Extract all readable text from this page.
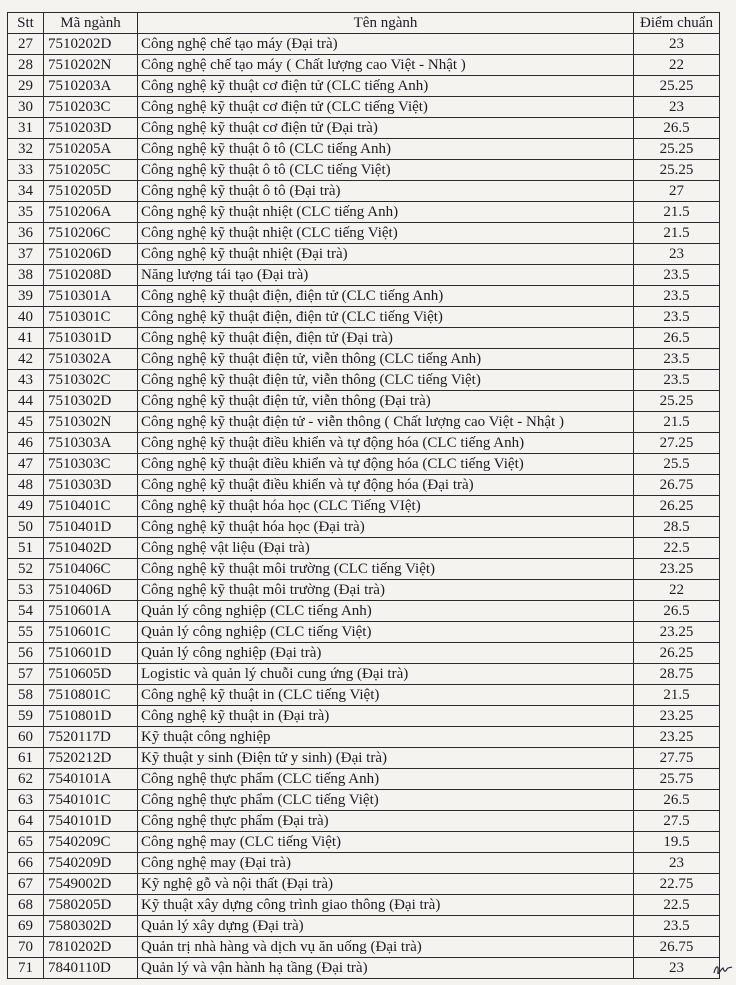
Stt	Mã ngành	Tên ngành	Điểm chuẩn
27	7510202D	Công nghệ chế tạo máy (Đại trà)	23
28	7510202N	Công nghệ chế tạo máy ( Chất lượng cao Việt - Nhật )	22
29	7510203A	Công nghệ kỹ thuật cơ điện tử (CLC tiếng Anh)	25.25
30	7510203C	Công nghệ kỹ thuật cơ điện tử (CLC tiếng Việt)	23
31	7510203D	Công nghệ kỹ thuật cơ điện tử (Đại trà)	26.5
32	7510205A	Công nghệ kỹ thuật ô tô (CLC tiếng Anh)	25.25
33	7510205C	Công nghệ kỹ thuật ô tô (CLC tiếng Việt)	25.25
34	7510205D	Công nghệ kỹ thuật ô tô (Đại trà)	27
35	7510206A	Công nghệ kỹ thuật nhiệt (CLC tiếng Anh)	21.5
36	7510206C	Công nghệ kỹ thuật nhiệt (CLC tiếng Việt)	21.5
37	7510206D	Công nghệ kỹ thuật nhiệt (Đại trà)	23
38	7510208D	Năng lượng tái tạo (Đại trà)	23.5
39	7510301A	Công nghệ kỹ thuật điện, điện tử (CLC tiếng Anh)	23.5
40	7510301C	Công nghệ kỹ thuật điện, điện tử (CLC tiếng Việt)	23.5
41	7510301D	Công nghệ kỹ thuật điện, điện tử (Đại trà)	26.5
42	7510302A	Công nghệ kỹ thuật điện tử, viễn thông (CLC tiếng Anh)	23.5
43	7510302C	Công nghệ kỹ thuật điện tử, viễn thông (CLC tiếng Việt)	23.5
44	7510302D	Công nghệ kỹ thuật điện tử, viễn thông (Đại trà)	25.25
45	7510302N	Công nghệ kỹ thuật điện tử - viễn thông ( Chất lượng cao Việt - Nhật )	21.5
46	7510303A	Công nghệ kỹ thuật điều khiển và tự động hóa (CLC tiếng Anh)	27.25
47	7510303C	Công nghệ kỹ thuật điều khiển và tự động hóa (CLC tiếng Việt)	25.5
48	7510303D	Công nghệ kỹ thuật điều khiển và tự động hóa (Đại trà)	26.75
49	7510401C	Công nghệ kỹ thuật hóa học (CLC Tiếng VIệt)	26.25
50	7510401D	Công nghệ kỹ thuật hóa học (Đại trà)	28.5
51	7510402D	Công nghệ vật liệu (Đại trà)	22.5
52	7510406C	Công nghệ kỹ thuật môi trường (CLC tiếng Việt)	23.25
53	7510406D	Công nghệ kỹ thuật môi trường (Đại trà)	22
54	7510601A	Quản lý công nghiệp (CLC tiếng Anh)	26.5
55	7510601C	Quản lý công nghiệp (CLC tiếng Việt)	23.25
56	7510601D	Quản lý công nghiệp (Đại trà)	26.25
57	7510605D	Logistic và quản lý chuỗi cung ứng (Đại trà)	28.75
58	7510801C	Công nghệ kỹ thuật in (CLC tiếng Việt)	21.5
59	7510801D	Công nghệ kỹ thuật in (Đại trà)	23.25
60	7520117D	Kỹ thuật công nghiệp	23.25
61	7520212D	Kỹ thuật y sinh (Điện tử y sinh) (Đại trà)	27.75
62	7540101A	Công nghệ thực phẩm (CLC tiếng Anh)	25.75
63	7540101C	Công nghệ thực phẩm (CLC tiếng Việt)	26.5
64	7540101D	Công nghệ thực phẩm (Đại trà)	27.5
65	7540209C	Công nghệ may (CLC tiếng Việt)	19.5
66	7540209D	Công nghệ may (Đại trà)	23
67	7549002D	Kỹ nghệ gỗ và nội thất (Đại trà)	22.75
68	7580205D	Kỹ thuật xây dựng công trình giao thông (Đại trà)	22.5
69	7580302D	Quản lý xây dựng (Đại trà)	23.5
70	7810202D	Quản trị nhà hàng và dịch vụ ăn uống (Đại trà)	26.75
71	7840110D	Quản lý và vận hành hạ tầng (Đại trà)	23
